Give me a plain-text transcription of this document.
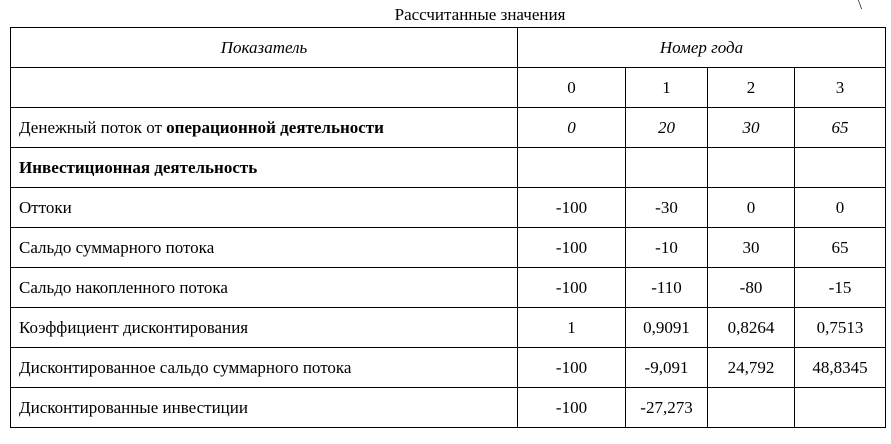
Рассчитанные значения	\
Показатель	Номер года			
	0	1	2	3
Денежный поток от операционной деятельности	0	20	30	65
Инвестиционная деятельность				
Оттоки	-100	-30	0	0
Сальдо суммарного потока	-100	-10	30	65
Сальдо накопленного потока	-100	-110	-80	-15
Коэффициент дисконтирования	1	0,9091	0,8264	0,7513
Дисконтированное сальдо суммарного потока	-100	-9,091	24,792	48,8345
Дисконтированные инвестиции	-100	-27,273		
